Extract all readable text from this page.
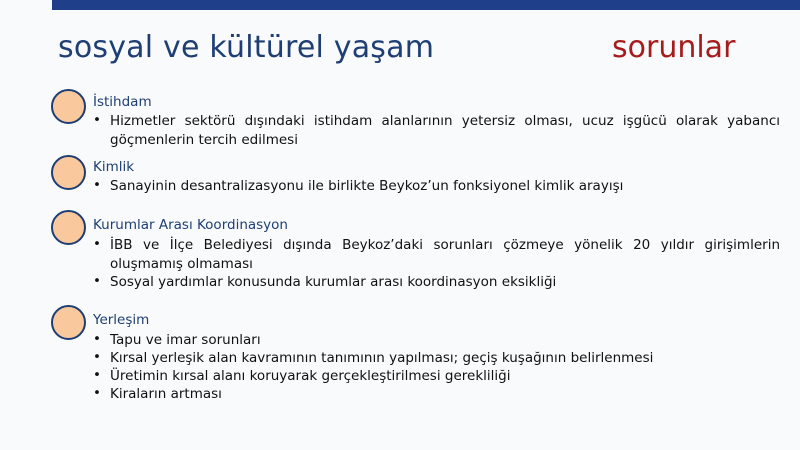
sosyal ve kültürel yaşam	sorunlar
İstihdam
• Hizmetler sektörü dışındaki istihdam alanlarının yetersiz olması, ucuz işgücü olarak yabancı göçmenlerin tercih edilmesi
Kimlik
• Sanayinin desantralizasyonu ile birlikte Beykoz’un fonksiyonel kimlik arayışı
Kurumlar Arası Koordinasyon
• İBB ve İlçe Belediyesi dışında Beykoz’daki sorunları çözmeye yönelik 20 yıldır girişimlerin oluşmamış olmaması
• Sosyal yardımlar konusunda kurumlar arası koordinasyon eksikliği
Yerleşim
• Tapu ve imar sorunları
• Kırsal yerleşik alan kavramının tanımının yapılması; geçiş kuşağının belirlenmesi
• Üretimin kırsal alanı koruyarak gerçekleştirilmesi gerekliliği
• Kiraların artması
